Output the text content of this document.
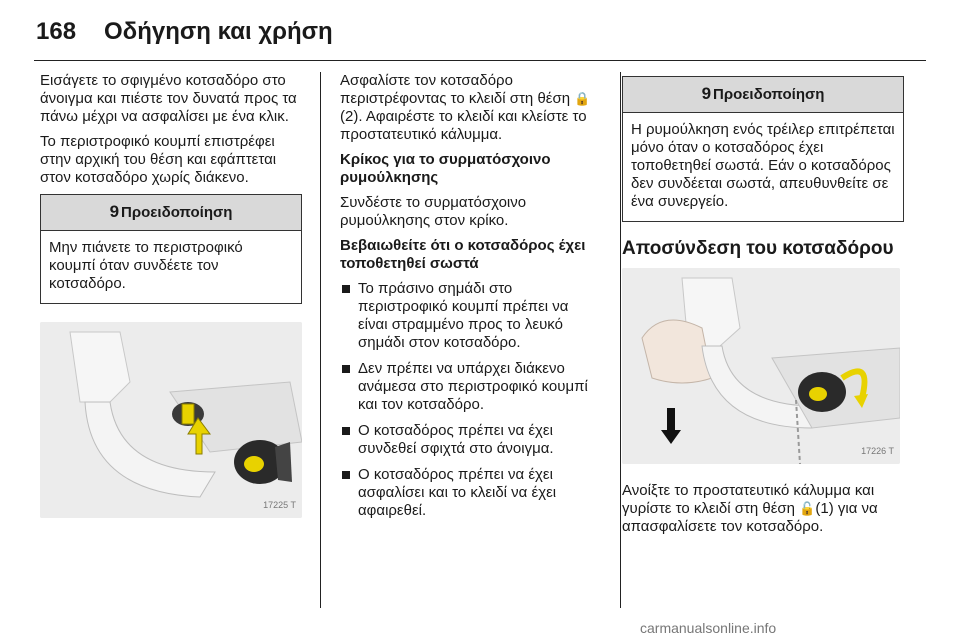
168 Οδήγηση και χρήση

Εισάγετε το σφιγμένο κοτσαδόρο στο άνοιγμα και πιέστε τον δυνατά προς τα πάνω μέχρι να ασφαλίσει με ένα κλικ.

Το περιστροφικό κουμπί επιστρέφει στην αρχική του θέση και εφάπτεται στον κοτσαδόρο χωρίς διάκενο.

9 Προειδοποίηση
Μην πιάνετε το περιστροφικό κουμπί όταν συνδέετε τον κοτσαδόρο.
17225 T

Ασφαλίστε τον κοτσαδόρο περιστρέφοντας το κλειδί στη θέση 🔒(2). Αφαιρέστε το κλειδί και κλείστε το προστατευτικό κάλυμμα.

Κρίκος για το συρματόσχοινο ρυμούλκησης

Συνδέστε το συρματόσχοινο ρυμούλκησης στον κρίκο.

Βεβαιωθείτε ότι ο κοτσαδόρος έχει τοποθετηθεί σωστά

Το πράσινο σημάδι στο περιστροφικό κουμπί πρέπει να είναι στραμμένο προς το λευκό σημάδι στον κοτσαδόρο.
Δεν πρέπει να υπάρχει διάκενο ανάμεσα στο περιστροφικό κουμπί και τον κοτσαδόρο.
Ο κοτσαδόρος πρέπει να έχει συνδεθεί σφιχτά στο άνοιγμα.
Ο κοτσαδόρος πρέπει να έχει ασφαλίσει και το κλειδί να έχει αφαιρεθεί.
9 Προειδοποίηση
Η ρυμούλκηση ενός τρέιλερ επιτρέπεται μόνο όταν ο κοτσαδόρος έχει τοποθετηθεί σωστά. Εάν ο κοτσαδόρος δεν συνδέεται σωστά, απευθυνθείτε σε ένα συνεργείο.
Αποσύνδεση του κοτσαδόρου
17226 T

Ανοίξτε το προστατευτικό κάλυμμα και γυρίστε το κλειδί στη θέση 🔓(1) για να απασφαλίσετε τον κοτσαδόρο.

carmanualsonline.info
